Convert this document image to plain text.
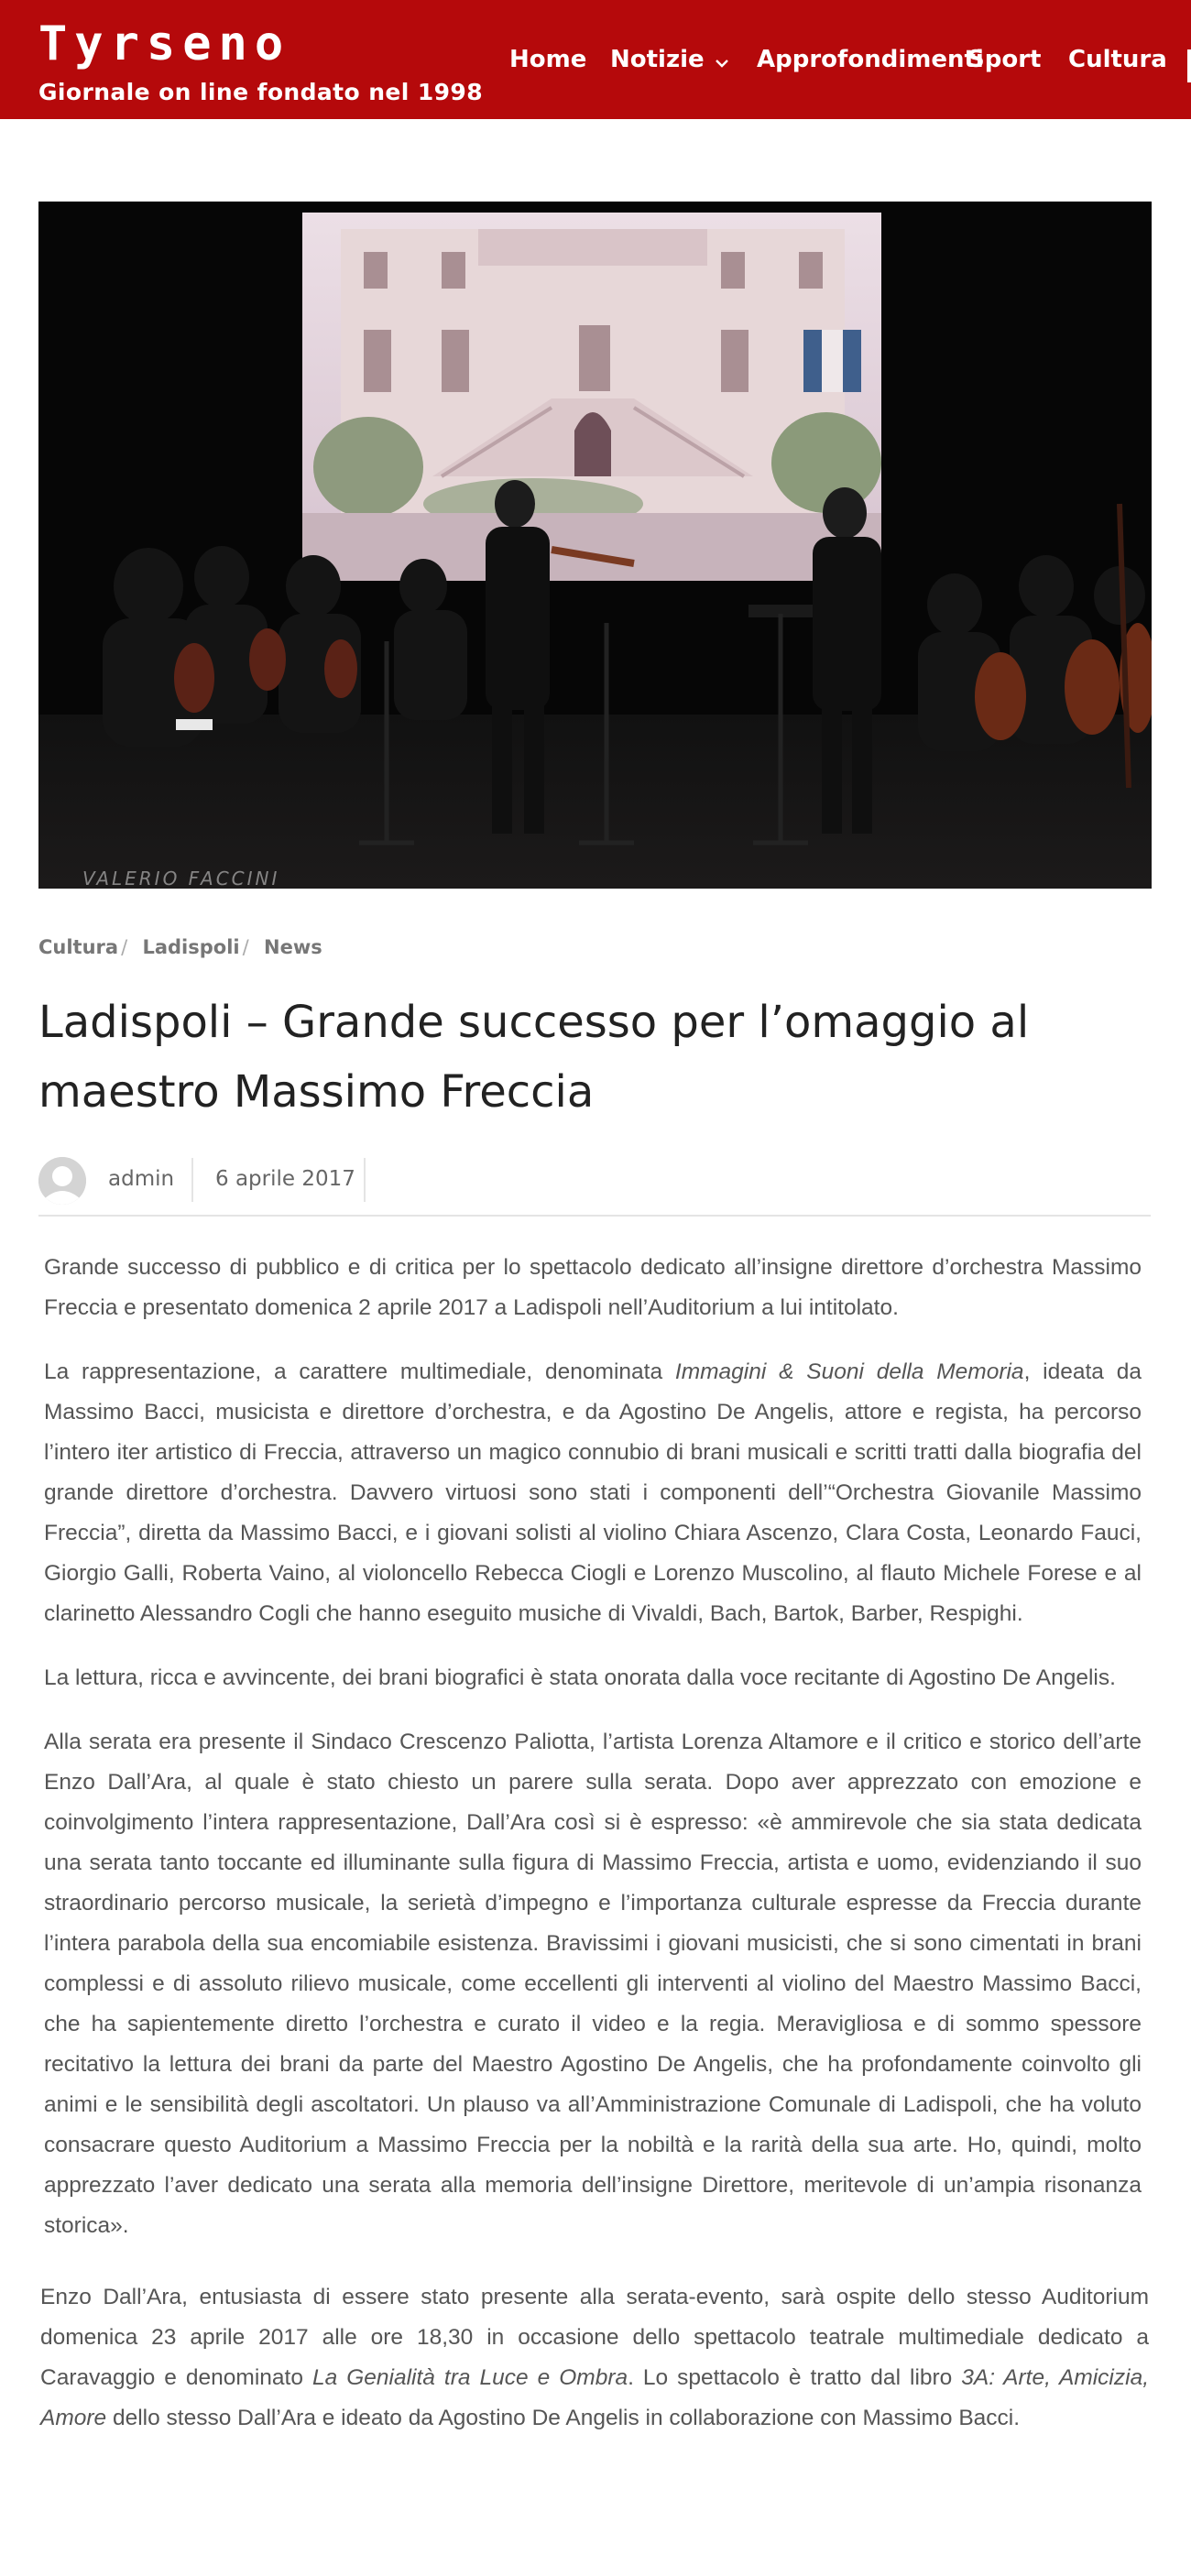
Tyrseno
Giornale on line fondato nel 1998
Home Notizie	Approfondimenti
Sport Cultura
VALERIO FACCINI
Cultura / Ladispoli / News
Ladispoli – Grande successo per l’omaggio al maestro Massimo Freccia
admin 6 aprile 2017

Grande successo di pubblico e di critica per lo spettacolo dedicato all’insigne direttore d’orchestra Massimo Freccia e presentato domenica 2 aprile 2017 a Ladispoli nell’Auditorium a lui intitolato.

La rappresentazione, a carattere multimediale, denominata Immagini & Suoni della Memoria, ideata da Massimo Bacci, musicista e direttore d’orchestra, e da Agostino De Angelis, attore e regista, ha percorso l’intero iter artistico di Freccia, attraverso un magico connubio di brani musicali e scritti tratti dalla biografia del grande direttore d’orchestra. Davvero virtuosi sono stati i componenti dell’“Orchestra Giovanile Massimo Freccia”, diretta da Massimo Bacci, e i giovani solisti al violino Chiara Ascenzo, Clara Costa, Leonardo Fauci, Giorgio Galli, Roberta Vaino, al violoncello Rebecca Ciogli e Lorenzo Muscolino, al flauto Michele Forese e al clarinetto Alessandro Cogli che hanno eseguito musiche di Vivaldi, Bach, Bartok, Barber, Respighi.

La lettura, ricca e avvincente, dei brani biografici è stata onorata dalla voce recitante di Agostino De Angelis.

Alla serata era presente il Sindaco Crescenzo Paliotta, l’artista Lorenza Altamore e il critico e storico dell’arte Enzo Dall’Ara, al quale è stato chiesto un parere sulla serata. Dopo aver apprezzato con emozione e coinvolgimento l’intera rappresentazione, Dall’Ara così si è espresso: «è ammirevole che sia stata dedicata una serata tanto toccante ed illuminante sulla figura di Massimo Freccia, artista e uomo, evidenziando il suo straordinario percorso musicale, la serietà d’impegno e l’importanza culturale espresse da Freccia durante l’intera parabola della sua encomiabile esistenza. Bravissimi i giovani musicisti, che si sono cimentati in brani complessi e di assoluto rilievo musicale, come eccellenti gli interventi al violino del Maestro Massimo Bacci, che ha sapientemente diretto l’orchestra e curato il video e la regia. Meravigliosa e di sommo spessore recitativo la lettura dei brani da parte del Maestro Agostino De Angelis, che ha profondamente coinvolto gli animi e le sensibilità degli ascoltatori. Un plauso va all’Amministrazione Comunale di Ladispoli, che ha voluto consacrare questo Auditorium a Massimo Freccia per la nobiltà e la rarità della sua arte. Ho, quindi, molto apprezzato l’aver dedicato una serata alla memoria dell’insigne Direttore, meritevole di un’ampia risonanza storica».

Enzo Dall’Ara, entusiasta di essere stato presente alla serata-evento, sarà ospite dello stesso Auditorium domenica 23 aprile 2017 alle ore 18,30 in occasione dello spettacolo teatrale multimediale dedicato a Caravaggio e denominato La Genialità tra Luce e Ombra. Lo spettacolo è tratto dal libro 3A: Arte, Amicizia, Amore dello stesso Dall’Ara e ideato da Agostino De Angelis in collaborazione con Massimo Bacci.
